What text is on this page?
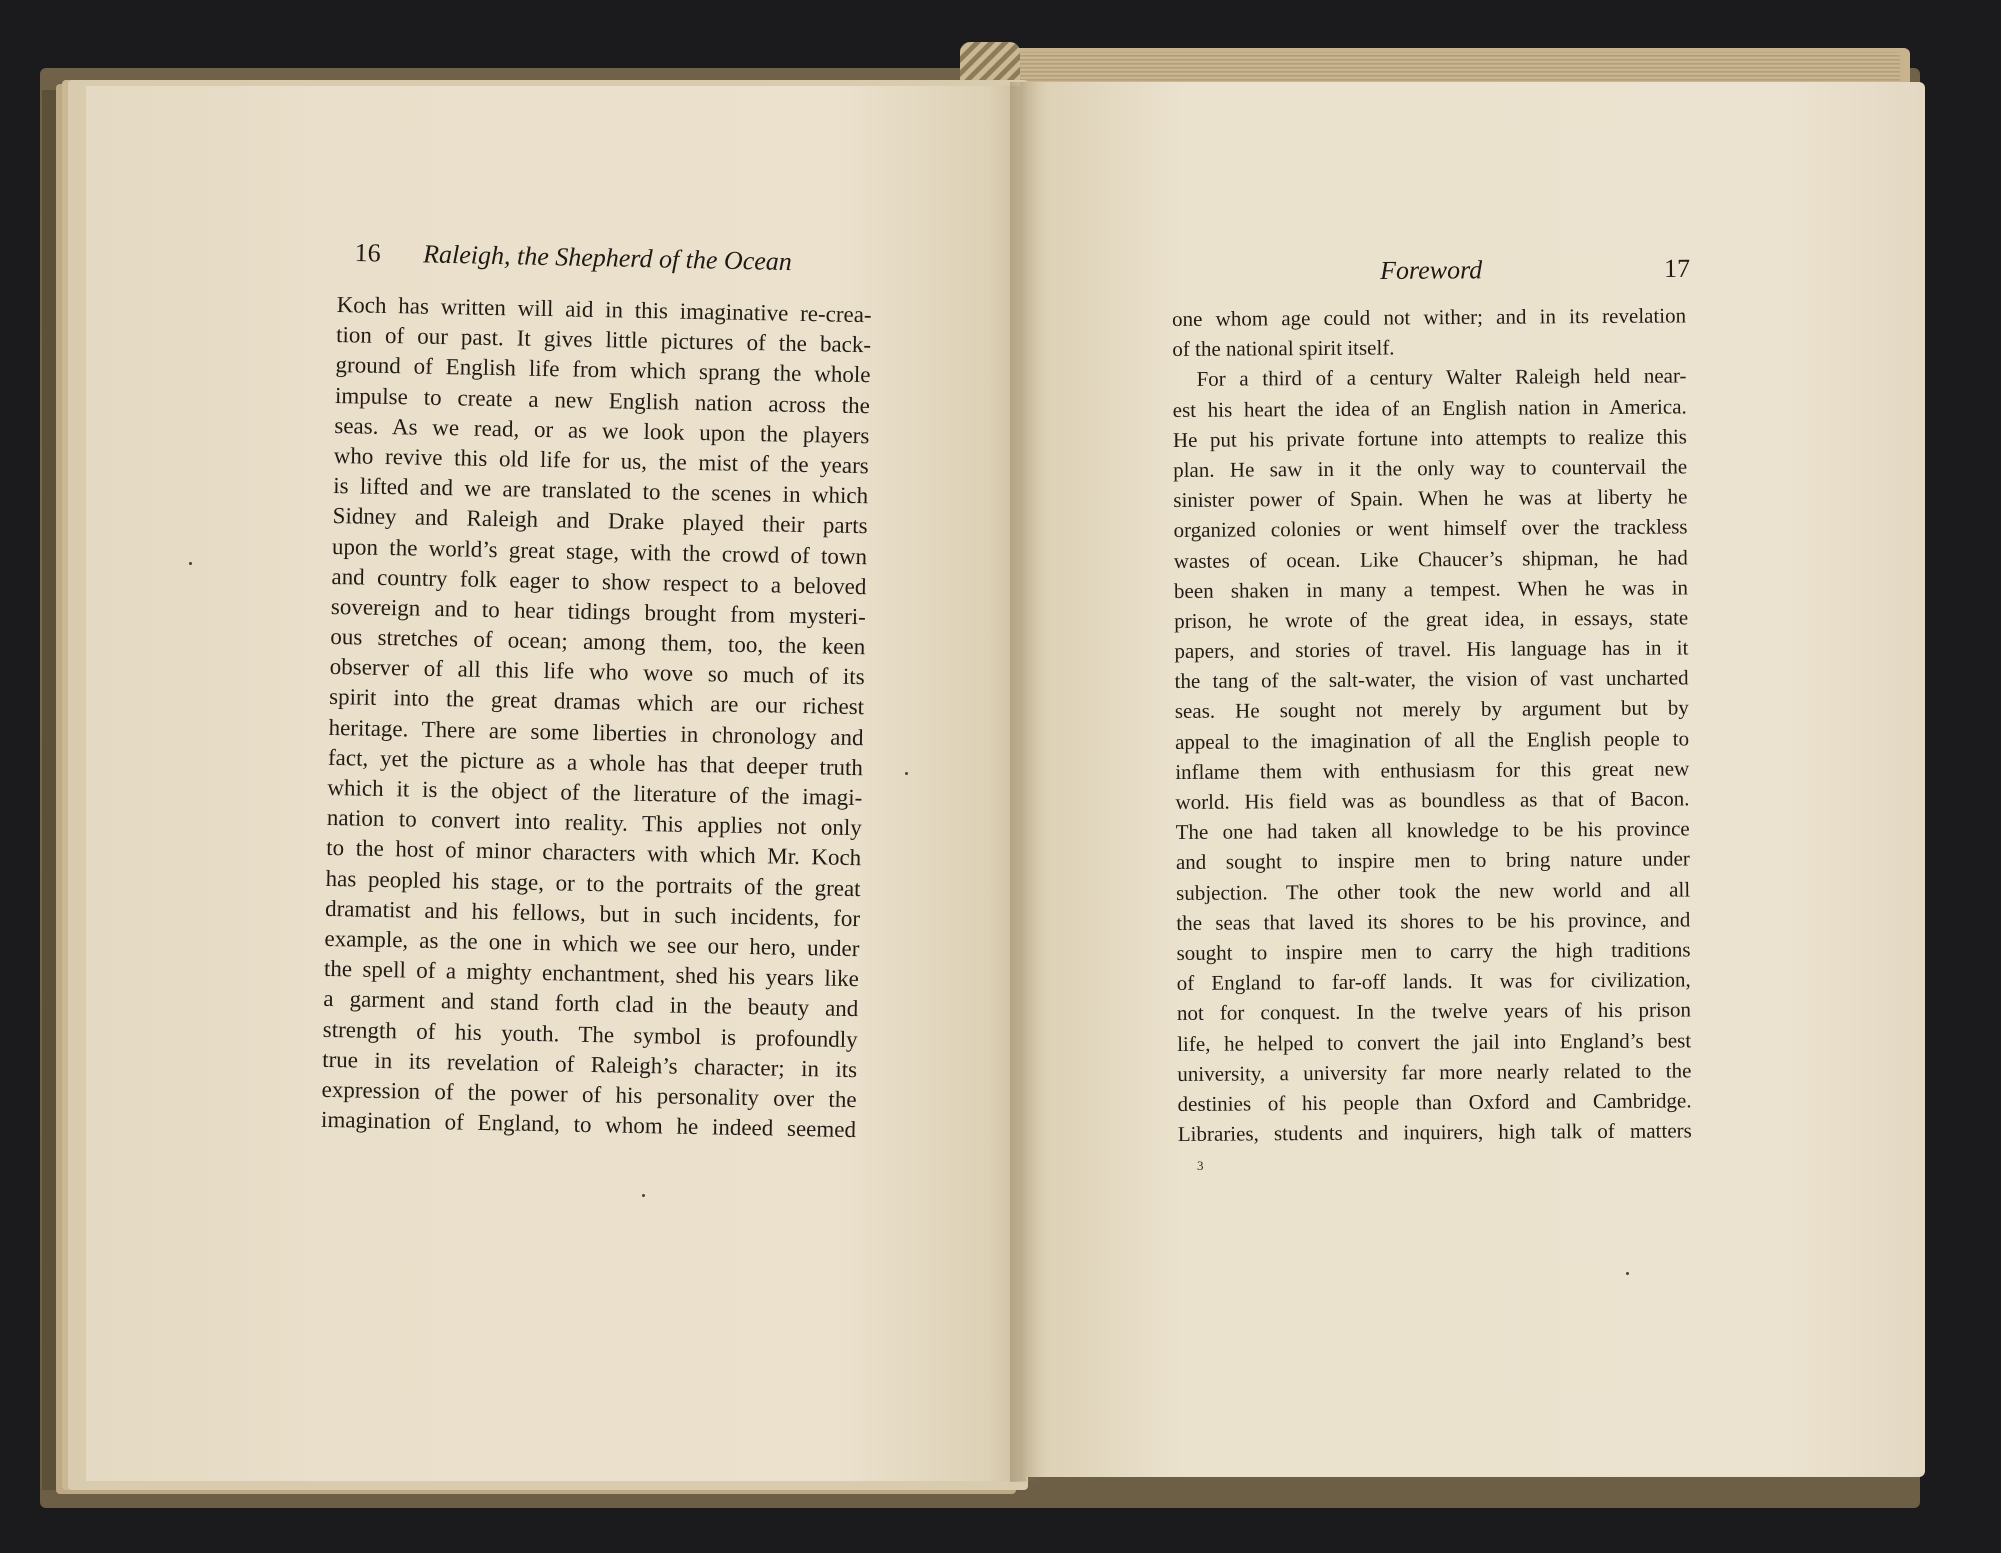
16 Raleigh, the Shepherd of the Ocean	Foreword	17
Koch has written will aid in this imaginative re-crea-
tion of our past. It gives little pictures of the back-
ground of English life from which sprang the whole
impulse to create a new English nation across the
seas. As we read, or as we look upon the players
who revive this old life for us, the mist of the years
is lifted and we are translated to the scenes in which
Sidney and Raleigh and Drake played their parts
upon the world’s great stage, with the crowd of town
and country folk eager to show respect to a beloved
sovereign and to hear tidings brought from mysteri-
ous stretches of ocean; among them, too, the keen
observer of all this life who wove so much of its
spirit into the great dramas which are our richest
heritage. There are some liberties in chronology and
fact, yet the picture as a whole has that deeper truth
which it is the object of the literature of the imagi-
nation to convert into reality. This applies not only
to the host of minor characters with which Mr. Koch
has peopled his stage, or to the portraits of the great
dramatist and his fellows, but in such incidents, for
example, as the one in which we see our hero, under
the spell of a mighty enchantment, shed his years like
a garment and stand forth clad in the beauty and
strength of his youth. The symbol is profoundly
true in its revelation of Raleigh’s character; in its
expression of the power of his personality over the
imagination of England, to whom he indeed seemed
one whom age could not wither; and in its revelation
of the national spirit itself.
For a third of a century Walter Raleigh held near-
est his heart the idea of an English nation in America.
He put his private fortune into attempts to realize this
plan. He saw in it the only way to countervail the
sinister power of Spain. When he was at liberty he
organized colonies or went himself over the trackless
wastes of ocean. Like Chaucer’s shipman, he had
been shaken in many a tempest. When he was in
prison, he wrote of the great idea, in essays, state
papers, and stories of travel. His language has in it
the tang of the salt-water, the vision of vast uncharted
seas. He sought not merely by argument but by
appeal to the imagination of all the English people to
inflame them with enthusiasm for this great new
world. His field was as boundless as that of Bacon.
The one had taken all knowledge to be his province
and sought to inspire men to bring nature under
subjection. The other took the new world and all
the seas that laved its shores to be his province, and
sought to inspire men to carry the high traditions
of England to far-off lands. It was for civilization,
not for conquest. In the twelve years of his prison
life, he helped to convert the jail into England’s best
university, a university far more nearly related to the
destinies of his people than Oxford and Cambridge.
Libraries, students and inquirers, high talk of matters
3
